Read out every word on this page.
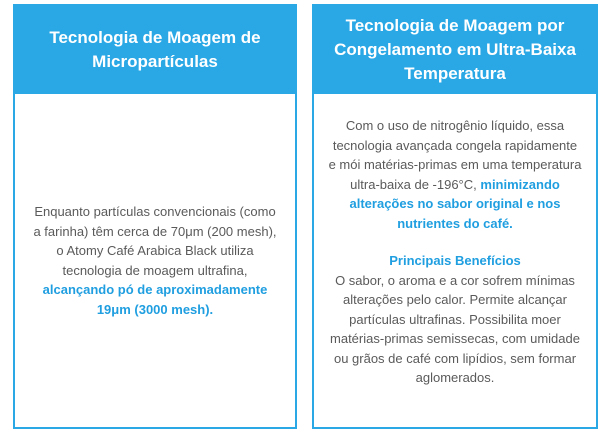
Tecnologia de Moagem de Micropartículas

Enquanto partículas convencionais (como a farinha) têm cerca de 70μm (200 mesh), o Atomy Café Arabica Black utiliza tecnologia de moagem ultrafina, alcançando pó de aproximadamente 19μm (3000 mesh).

Tecnologia de Moagem por Congelamento em Ultra-Baixa Temperatura

Com o uso de nitrogênio líquido, essa tecnologia avançada congela rapidamente e mói matérias-primas em uma temperatura ultra-baixa de -196°C, minimizando alterações no sabor original e nos nutrientes do café.

Principais Benefícios

O sabor, o aroma e a cor sofrem mínimas alterações pelo calor. Permite alcançar partículas ultrafinas. Possibilita moer matérias-primas semissecas, com umidade ou grãos de café com lipídios, sem formar aglomerados.
